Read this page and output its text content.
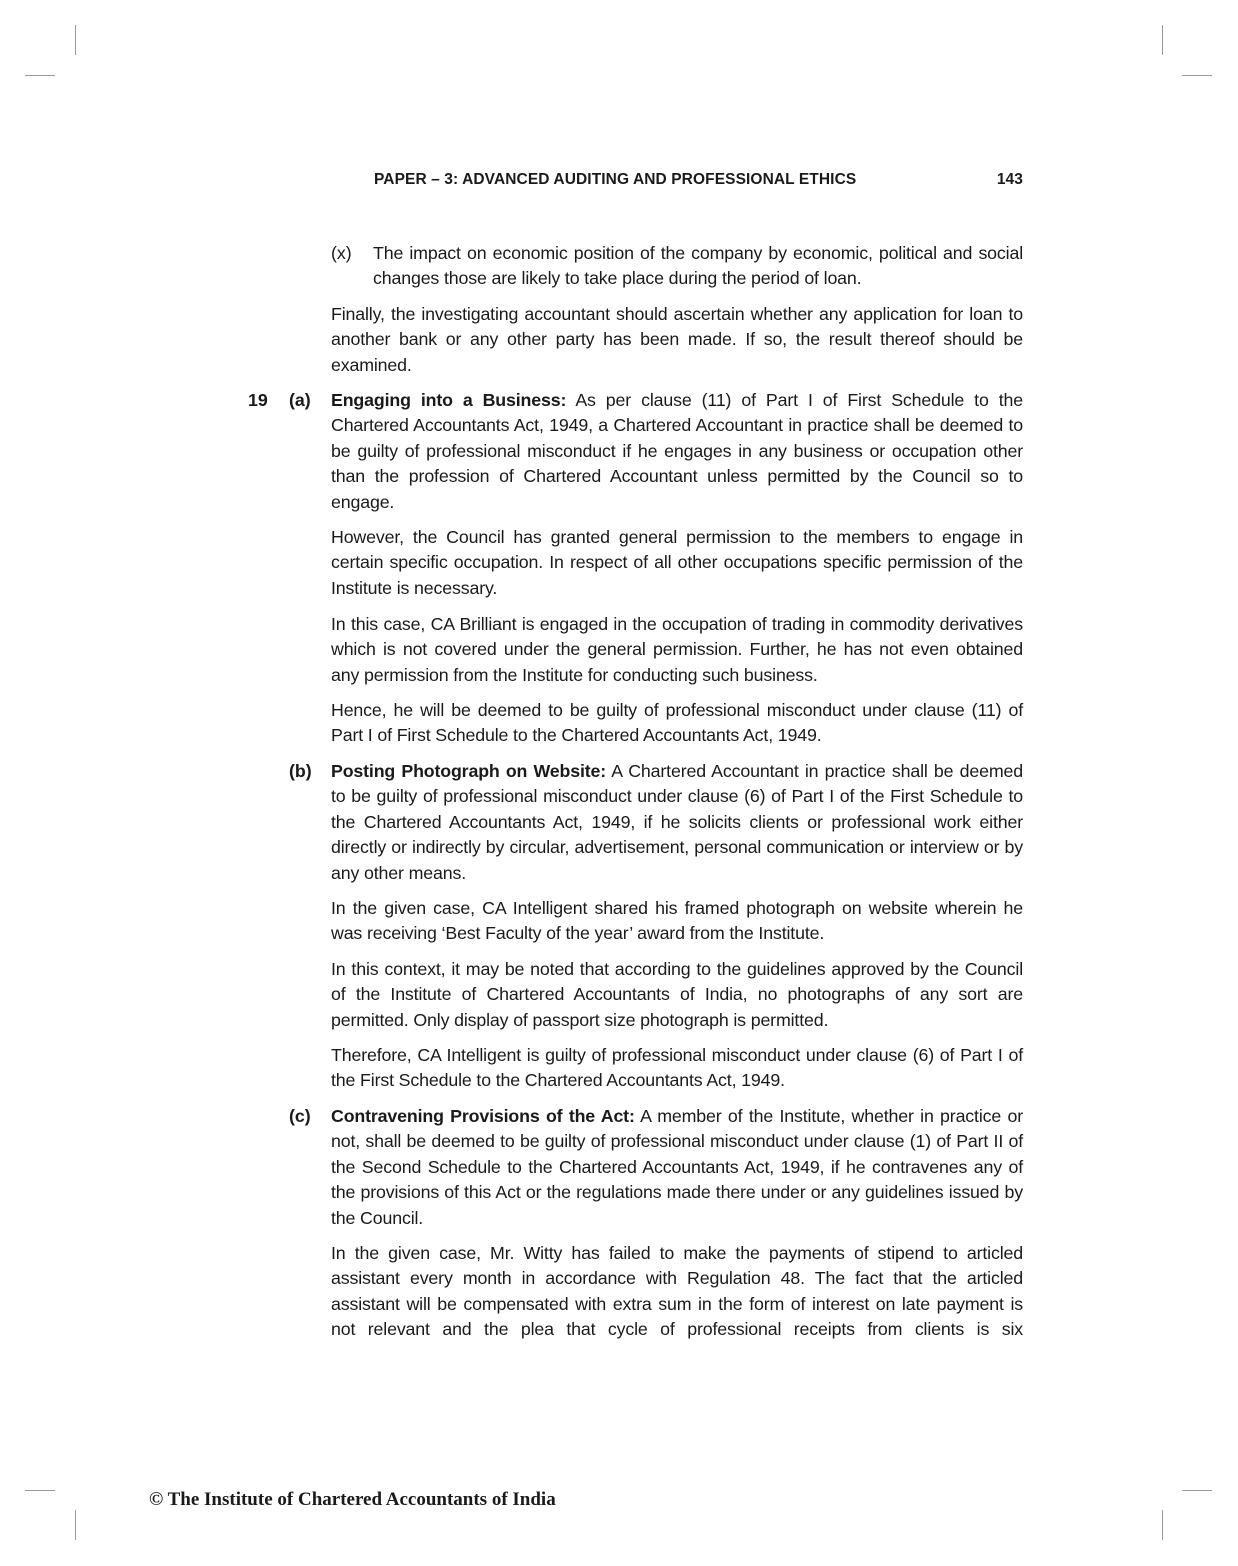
PAPER – 3: ADVANCED AUDITING AND PROFESSIONAL ETHICS	143
(x) The impact on economic position of the company by economic, political and social changes those are likely to take place during the period of loan.

Finally, the investigating accountant should ascertain whether any application for loan to another bank or any other party has been made. If so, the result thereof should be examined.

19 (a) Engaging into a Business: As per clause (11) of Part I of First Schedule to the Chartered Accountants Act, 1949, a Chartered Accountant in practice shall be deemed to be guilty of professional misconduct if he engages in any business or occupation other than the profession of Chartered Accountant unless permitted by the Council so to engage.

However, the Council has granted general permission to the members to engage in certain specific occupation. In respect of all other occupations specific permission of the Institute is necessary.

In this case, CA Brilliant is engaged in the occupation of trading in commodity derivatives which is not covered under the general permission. Further, he has not even obtained any permission from the Institute for conducting such business.

Hence, he will be deemed to be guilty of professional misconduct under clause (11) of Part I of First Schedule to the Chartered Accountants Act, 1949.

(b) Posting Photograph on Website: A Chartered Accountant in practice shall be deemed to be guilty of professional misconduct under clause (6) of Part I of the First Schedule to the Chartered Accountants Act, 1949, if he solicits clients or professional work either directly or indirectly by circular, advertisement, personal communication or interview or by any other means.

In the given case, CA Intelligent shared his framed photograph on website wherein he was receiving ‘Best Faculty of the year’ award from the Institute.

In this context, it may be noted that according to the guidelines approved by the Council of the Institute of Chartered Accountants of India, no photographs of any sort are permitted. Only display of passport size photograph is permitted.

Therefore, CA Intelligent is guilty of professional misconduct under clause (6) of Part I of the First Schedule to the Chartered Accountants Act, 1949.

(c) Contravening Provisions of the Act: A member of the Institute, whether in practice or not, shall be deemed to be guilty of professional misconduct under clause (1) of Part II of the Second Schedule to the Chartered Accountants Act, 1949, if he contravenes any of the provisions of this Act or the regulations made there under or any guidelines issued by the Council.

In the given case, Mr. Witty has failed to make the payments of stipend to articled assistant every month in accordance with Regulation 48. The fact that the articled assistant will be compensated with extra sum in the form of interest on late payment is not relevant and the plea that cycle of professional receipts from clients is six

© The Institute of Chartered Accountants of India
